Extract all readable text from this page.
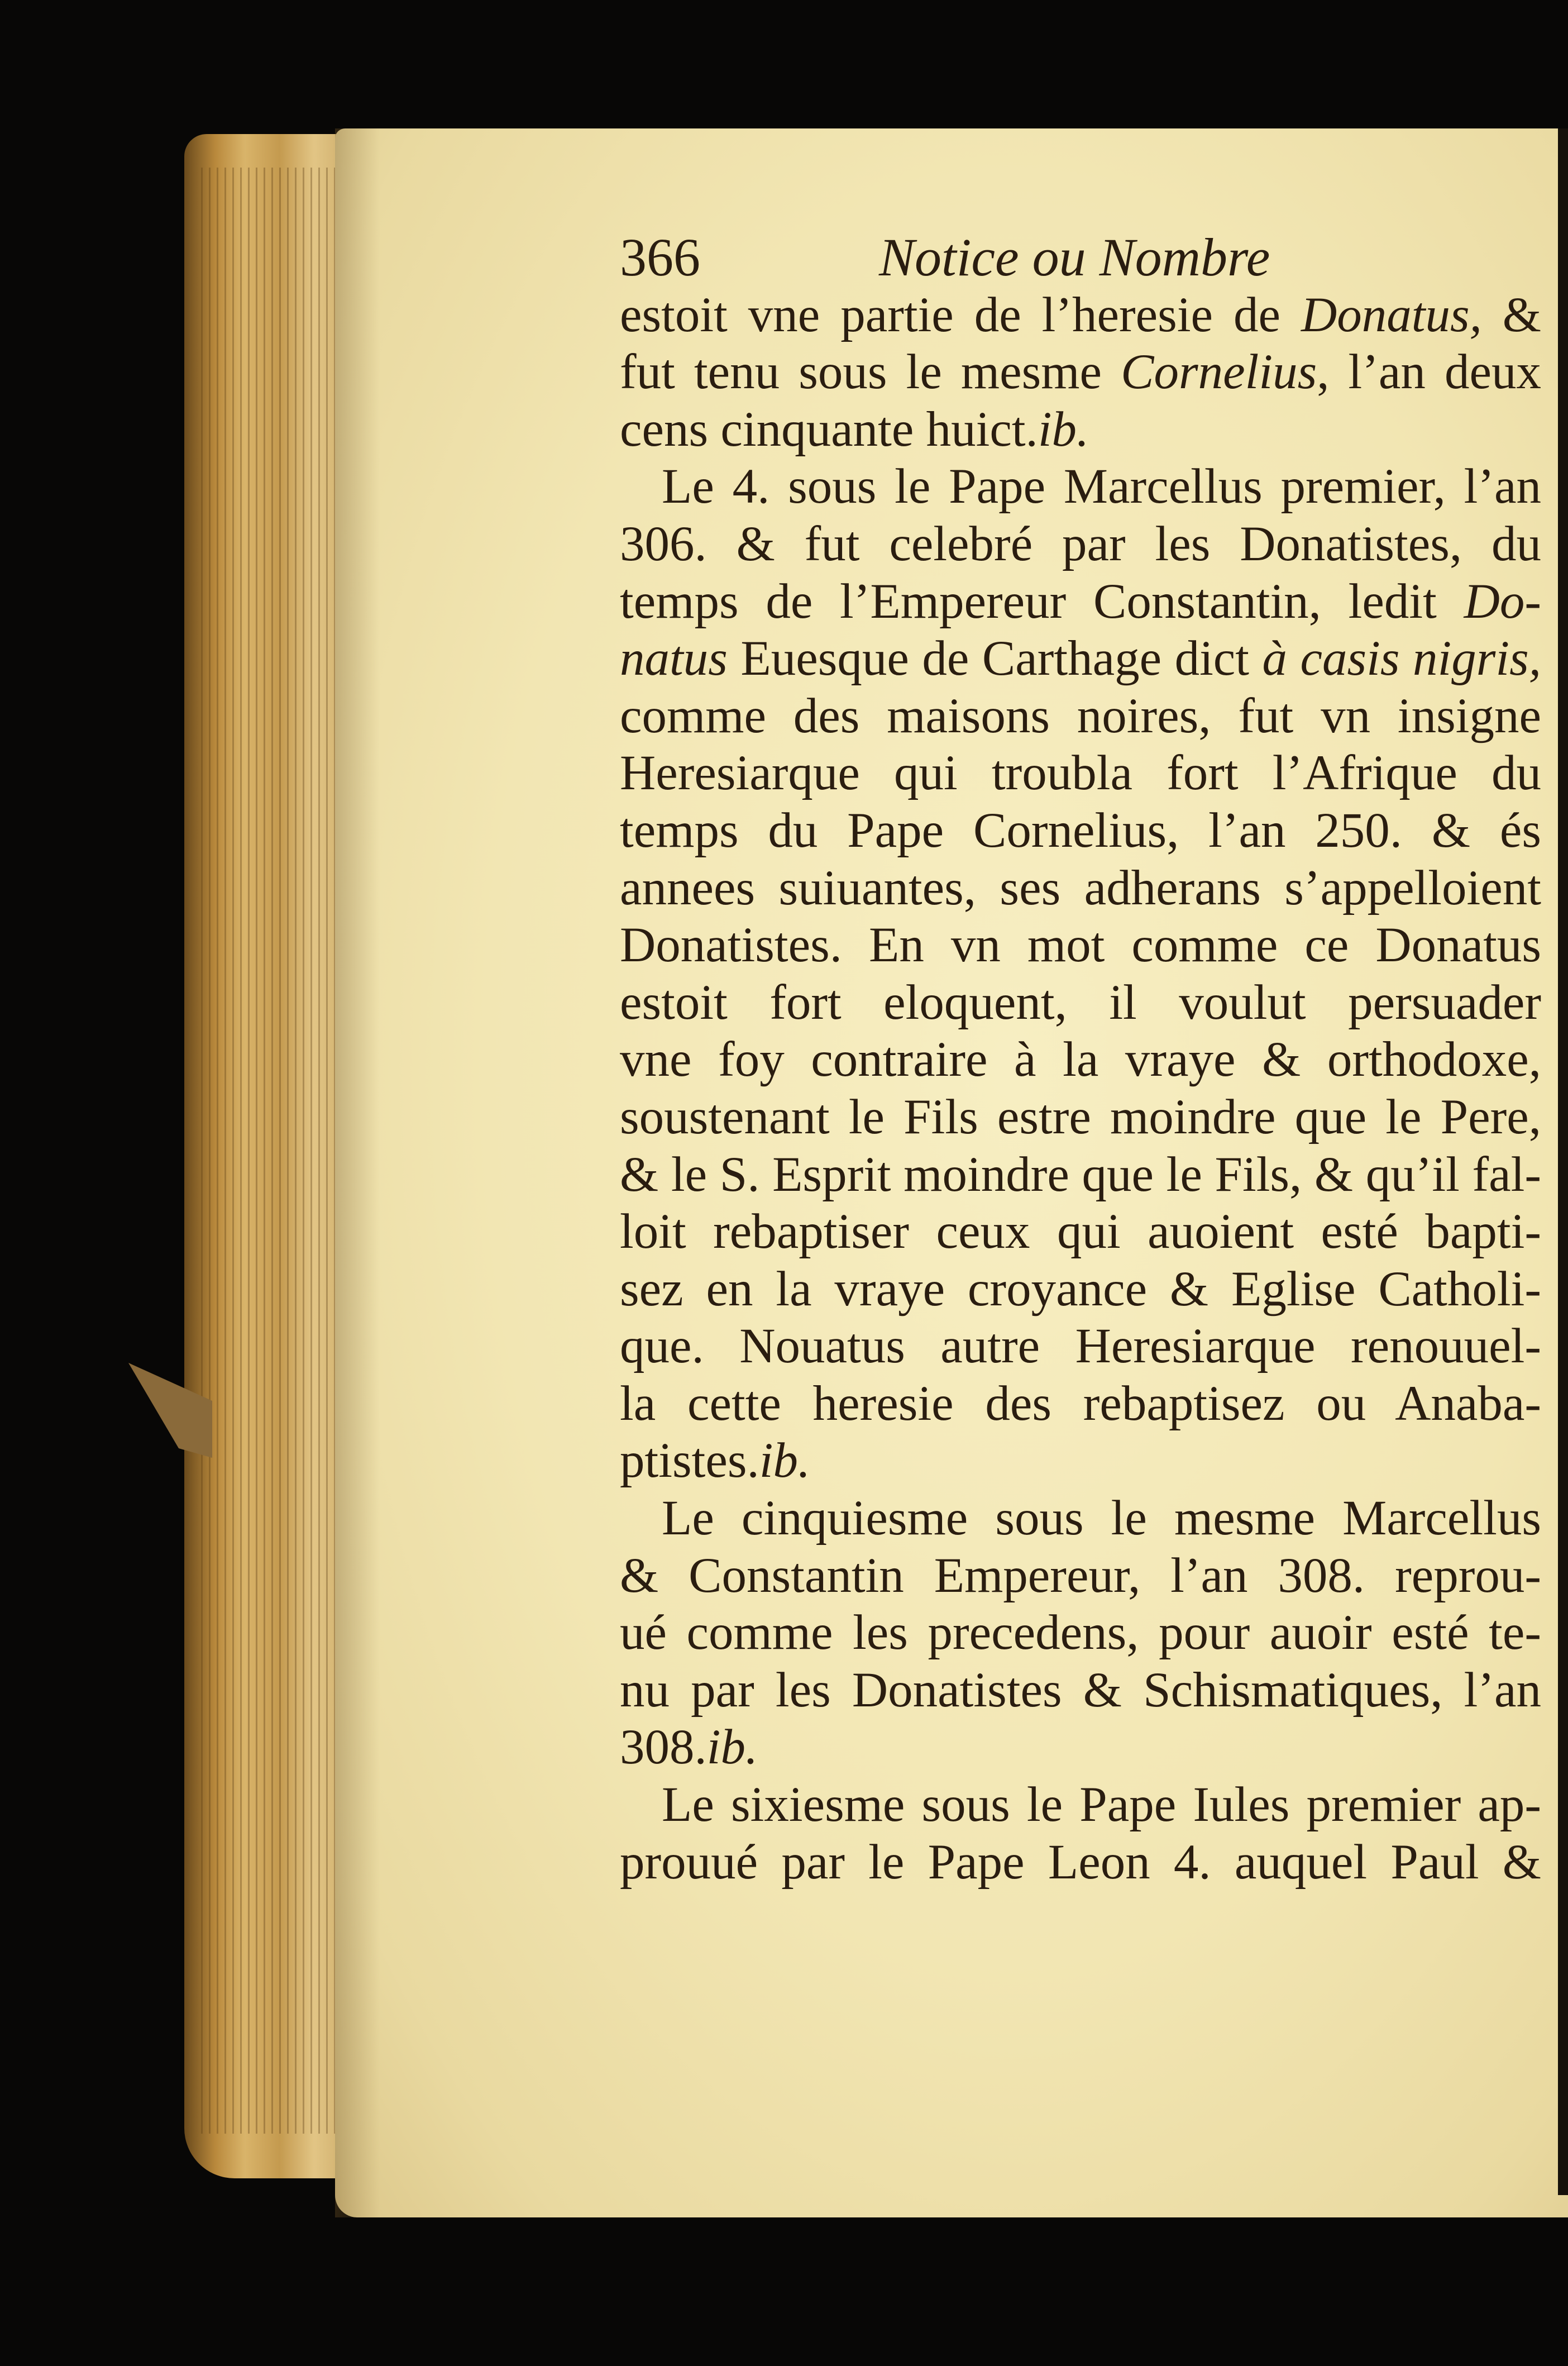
366	Notice ou Nombre
estoit vne partie de l’heresie de Donatus, &
fut tenu sous le mesme Cornelius, l’an deux
cens cinquante huict.ib.
Le 4. sous le Pape Marcellus premier, l’an
306. & fut celebré par les Donatistes, du
temps de l’Empereur Constantin, ledit Do-
natus Euesque de Carthage dict à casis nigris,
comme des maisons noires, fut vn insigne
Heresiarque qui troubla fort l’Afrique du
temps du Pape Cornelius, l’an 250. & és
annees suiuantes, ses adherans s’appelloient
Donatistes. En vn mot comme ce Donatus
estoit fort eloquent, il voulut persuader
vne foy contraire à la vraye & orthodoxe,
soustenant le Fils estre moindre que le Pere,
& le S. Esprit moindre que le Fils, & qu’il fal-
loit rebaptiser ceux qui auoient esté bapti-
sez en la vraye croyance & Eglise Catholi-
que. Nouatus autre Heresiarque renouuel-
la cette heresie des rebaptisez ou Anaba-
ptistes.ib.
Le cinquiesme sous le mesme Marcellus
& Constantin Empereur, l’an 308. reprou-
ué comme les precedens, pour auoir esté te-
nu par les Donatistes & Schismatiques, l’an
308.ib.
Le sixiesme sous le Pape Iules premier ap-
prouué par le Pape Leon 4. auquel Paul &
